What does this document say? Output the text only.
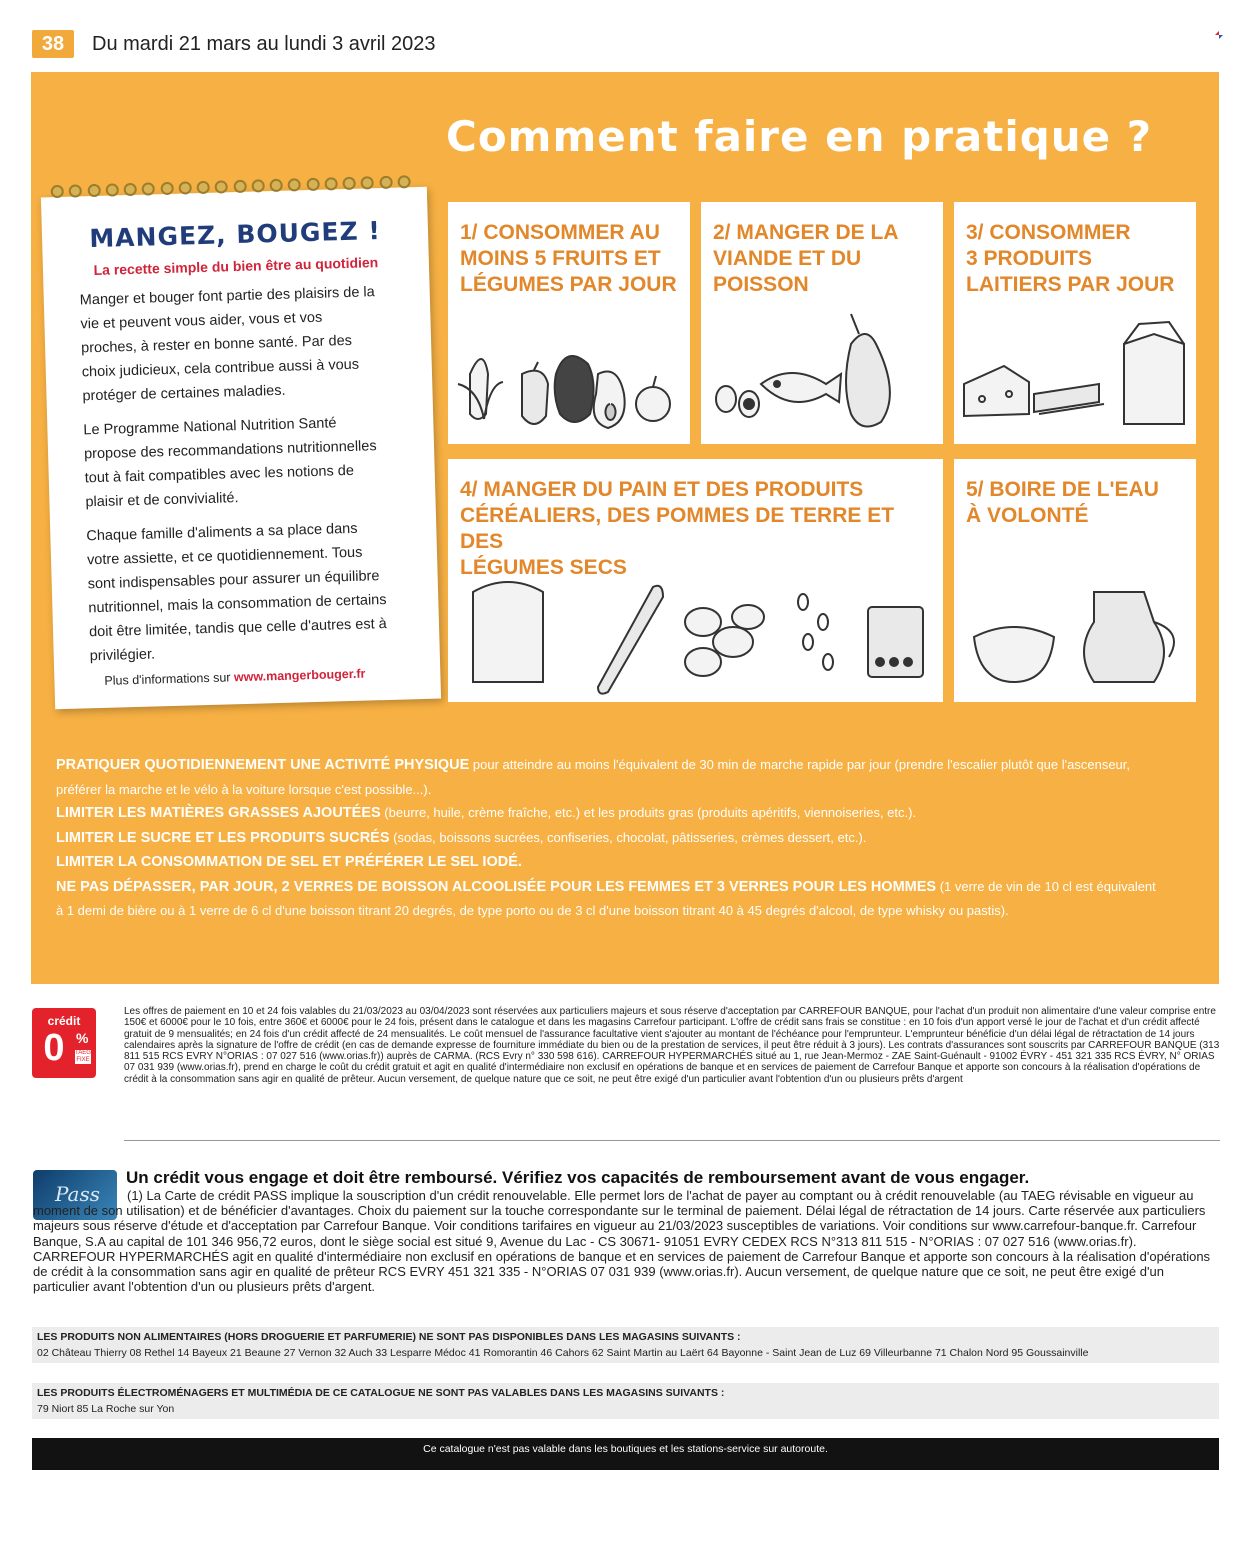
38	Du mardi 21 mars au lundi 3 avril 2023
Comment faire en pratique ?
MANGEZ, BOUGEZ !
La recette simple du bien être au quotidien
Manger et bouger font partie des plaisirs de la vie et peuvent vous aider, vous et vos proches, à rester en bonne santé. Par des choix judicieux, cela contribue aussi à vous protéger de certaines maladies.
Le Programme National Nutrition Santé propose des recommandations nutritionnelles tout à fait compatibles avec les notions de plaisir et de convivialité.
Chaque famille d'aliments a sa place dans votre assiette, et ce quotidiennement. Tous sont indispensables pour assurer un équilibre nutritionnel, mais la consommation de certains doit être limitée, tandis que celle d'autres est à privilégier.
Plus d'informations sur www.mangerbouger.fr
1/ CONSOMMER AU
MOINS 5 FRUITS ET
LÉGUMES PAR JOUR
2/ MANGER DE LA
VIANDE ET DU
POISSON
3/ CONSOMMER
3 PRODUITS
LAITIERS PAR JOUR
4/ MANGER DU PAIN ET DES PRODUITS
CÉRÉALIERS, DES POMMES DE TERRE ET DES
LÉGUMES SECS
5/ BOIRE DE L'EAU
À VOLONTÉ
PRATIQUER QUOTIDIENNEMENT UNE ACTIVITÉ PHYSIQUE pour atteindre au moins l'équivalent de 30 min de marche rapide par jour (prendre l'escalier plutôt que l'ascenseur, préférer la marche et le vélo à la voiture lorsque c'est possible...).
LIMITER LES MATIÈRES GRASSES AJOUTÉES (beurre, huile, crème fraîche, etc.) et les produits gras (produits apéritifs, viennoiseries, etc.).
LIMITER LE SUCRE ET LES PRODUITS SUCRÉS (sodas, boissons sucrées, confiseries, chocolat, pâtisseries, crèmes dessert, etc.).
LIMITER LA CONSOMMATION DE SEL ET PRÉFÉRER LE SEL IODÉ.
NE PAS DÉPASSER, PAR JOUR, 2 VERRES DE BOISSON ALCOOLISÉE POUR LES FEMMES ET 3 VERRES POUR LES HOMMES (1 verre de vin de 10 cl est équivalent à 1 demi de bière ou à 1 verre de 6 cl d'une boisson titrant 20 degrés, de type porto ou de 3 cl d'une boisson titrant 40 à 45 degrés d'alcool, de type whisky ou pastis).
crédit
0 %
TAEG FIXE
Les offres de paiement en 10 et 24 fois valables du 21/03/2023 au 03/04/2023 sont réservées aux particuliers majeurs et sous réserve d'acceptation par CARREFOUR BANQUE, pour l'achat d'un produit non alimentaire d'une valeur comprise entre 150€ et 6000€ pour le 10 fois, entre 360€ et 6000€ pour le 24 fois, présent dans le catalogue et dans les magasins Carrefour participant. L'offre de crédit sans frais se constitue : en 10 fois d'un apport versé le jour de l'achat et d'un crédit affecté gratuit de 9 mensualités; en 24 fois d'un crédit affecté de 24 mensualités. Le coût mensuel de l'assurance facultative vient s'ajouter au montant de l'échéance pour l'emprunteur. L'emprunteur bénéficie d'un délai légal de rétractation de 14 jours calendaires après la signature de l'offre de crédit (en cas de demande expresse de fourniture immédiate du bien ou de la prestation de services, il peut être réduit à 3 jours). Les contrats d'assurances sont souscrits par CARREFOUR BANQUE (313 811 515 RCS EVRY N°ORIAS : 07 027 516 (www.orias.fr)) auprès de CARMA. (RCS Evry n° 330 598 616). CARREFOUR HYPERMARCHÉS situé au 1, rue Jean-Mermoz - ZAE Saint-Guénault - 91002 ÉVRY - 451 321 335 RCS ÉVRY, N° ORIAS 07 031 939 (www.orias.fr), prend en charge le coût du crédit gratuit et agit en qualité d'intermédiaire non exclusif en opérations de banque et en services de paiement de Carrefour Banque et apporte son concours à la réalisation d'opérations de crédit à la consommation sans agir en qualité de prêteur. Aucun versement, de quelque nature que ce soit, ne peut être exigé d'un particulier avant l'obtention d'un ou plusieurs prêts d'argent
Pass
Un crédit vous engage et doit être remboursé. Vérifiez vos capacités de remboursement avant de vous engager.
(1) La Carte de crédit PASS implique la souscription d'un crédit renouvelable. Elle permet lors de l'achat de payer au comptant ou à crédit renouvelable (au TAEG révisable en vigueur au moment de son utilisation) et de bénéficier d'avantages. Choix du paiement sur la touche correspondante sur le terminal de paiement. Délai légal de rétractation de 14 jours. Carte réservée aux particuliers majeurs sous réserve d'étude et d'acceptation par Carrefour Banque. Voir conditions tarifaires en vigueur au 21/03/2023 susceptibles de variations. Voir conditions sur www.carrefour-banque.fr. Carrefour Banque, S.A au capital de 101 346 956,72 euros, dont le siège social est situé 9, Avenue du Lac - CS 30671- 91051 EVRY CEDEX RCS N°313 811 515 - N°ORIAS : 07 027 516 (www.orias.fr). CARREFOUR HYPERMARCHÉS agit en qualité d'intermédiaire non exclusif en opérations de banque et en services de paiement de Carrefour Banque et apporte son concours à la réalisation d'opérations de crédit à la consommation sans agir en qualité de prêteur RCS EVRY 451 321 335 - N°ORIAS 07 031 939 (www.orias.fr). Aucun versement, de quelque nature que ce soit, ne peut être exigé d'un particulier avant l'obtention d'un ou plusieurs prêts d'argent.
LES PRODUITS NON ALIMENTAIRES (HORS DROGUERIE ET PARFUMERIE) NE SONT PAS DISPONIBLES DANS LES MAGASINS SUIVANTS :
02 Château Thierry 08 Rethel 14 Bayeux 21 Beaune 27 Vernon 32 Auch 33 Lesparre Médoc 41 Romorantin 46 Cahors 62 Saint Martin au Laërt 64 Bayonne - Saint Jean de Luz 69 Villeurbanne 71 Chalon Nord 95 Goussainville
LES PRODUITS ÉLECTROMÉNAGERS ET MULTIMÉDIA DE CE CATALOGUE NE SONT PAS VALABLES DANS LES MAGASINS SUIVANTS :
79 Niort 85 La Roche sur Yon
Ce catalogue n'est pas valable dans les boutiques et les stations-service sur autoroute.
